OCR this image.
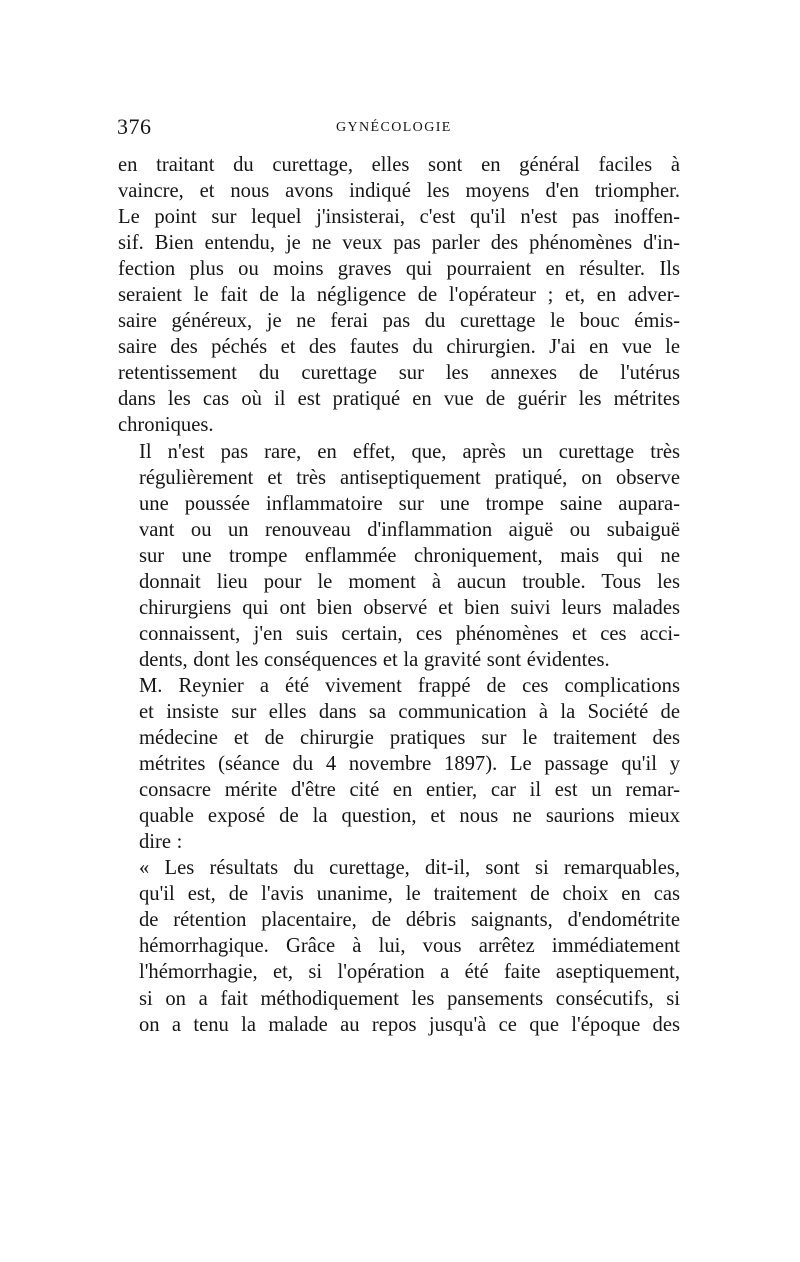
376	GYNÉCOLOGIE

en traitant du curettage, elles sont en général faciles à
vaincre, et nous avons indiqué les moyens d'en triompher.
Le point sur lequel j'insisterai, c'est qu'il n'est pas inoffen-
sif. Bien entendu, je ne veux pas parler des phénomènes d'in-
fection plus ou moins graves qui pourraient en résulter. Ils
seraient le fait de la négligence de l'opérateur ; et, en adver-
saire généreux, je ne ferai pas du curettage le bouc émis-
saire des péchés et des fautes du chirurgien. J'ai en vue le
retentissement du curettage sur les annexes de l'utérus
dans les cas où il est pratiqué en vue de guérir les métrites
chroniques.

Il n'est pas rare, en effet, que, après un curettage très
régulièrement et très antiseptiquement pratiqué, on observe
une poussée inflammatoire sur une trompe saine aupara-
vant ou un renouveau d'inflammation aiguë ou subaiguë
sur une trompe enflammée chroniquement, mais qui ne
donnait lieu pour le moment à aucun trouble. Tous les
chirurgiens qui ont bien observé et bien suivi leurs malades
connaissent, j'en suis certain, ces phénomènes et ces acci-
dents, dont les conséquences et la gravité sont évidentes.

M. Reynier a été vivement frappé de ces complications
et insiste sur elles dans sa communication à la Société de
médecine et de chirurgie pratiques sur le traitement des
métrites (séance du 4 novembre 1897). Le passage qu'il y
consacre mérite d'être cité en entier, car il est un remar-
quable exposé de la question, et nous ne saurions mieux
dire :

« Les résultats du curettage, dit-il, sont si remarquables,
qu'il est, de l'avis unanime, le traitement de choix en cas
de rétention placentaire, de débris saignants, d'endométrite
hémorrhagique. Grâce à lui, vous arrêtez immédiatement
l'hémorrhagie, et, si l'opération a été faite aseptiquement,
si on a fait méthodiquement les pansements consécutifs, si
on a tenu la malade au repos jusqu'à ce que l'époque des
